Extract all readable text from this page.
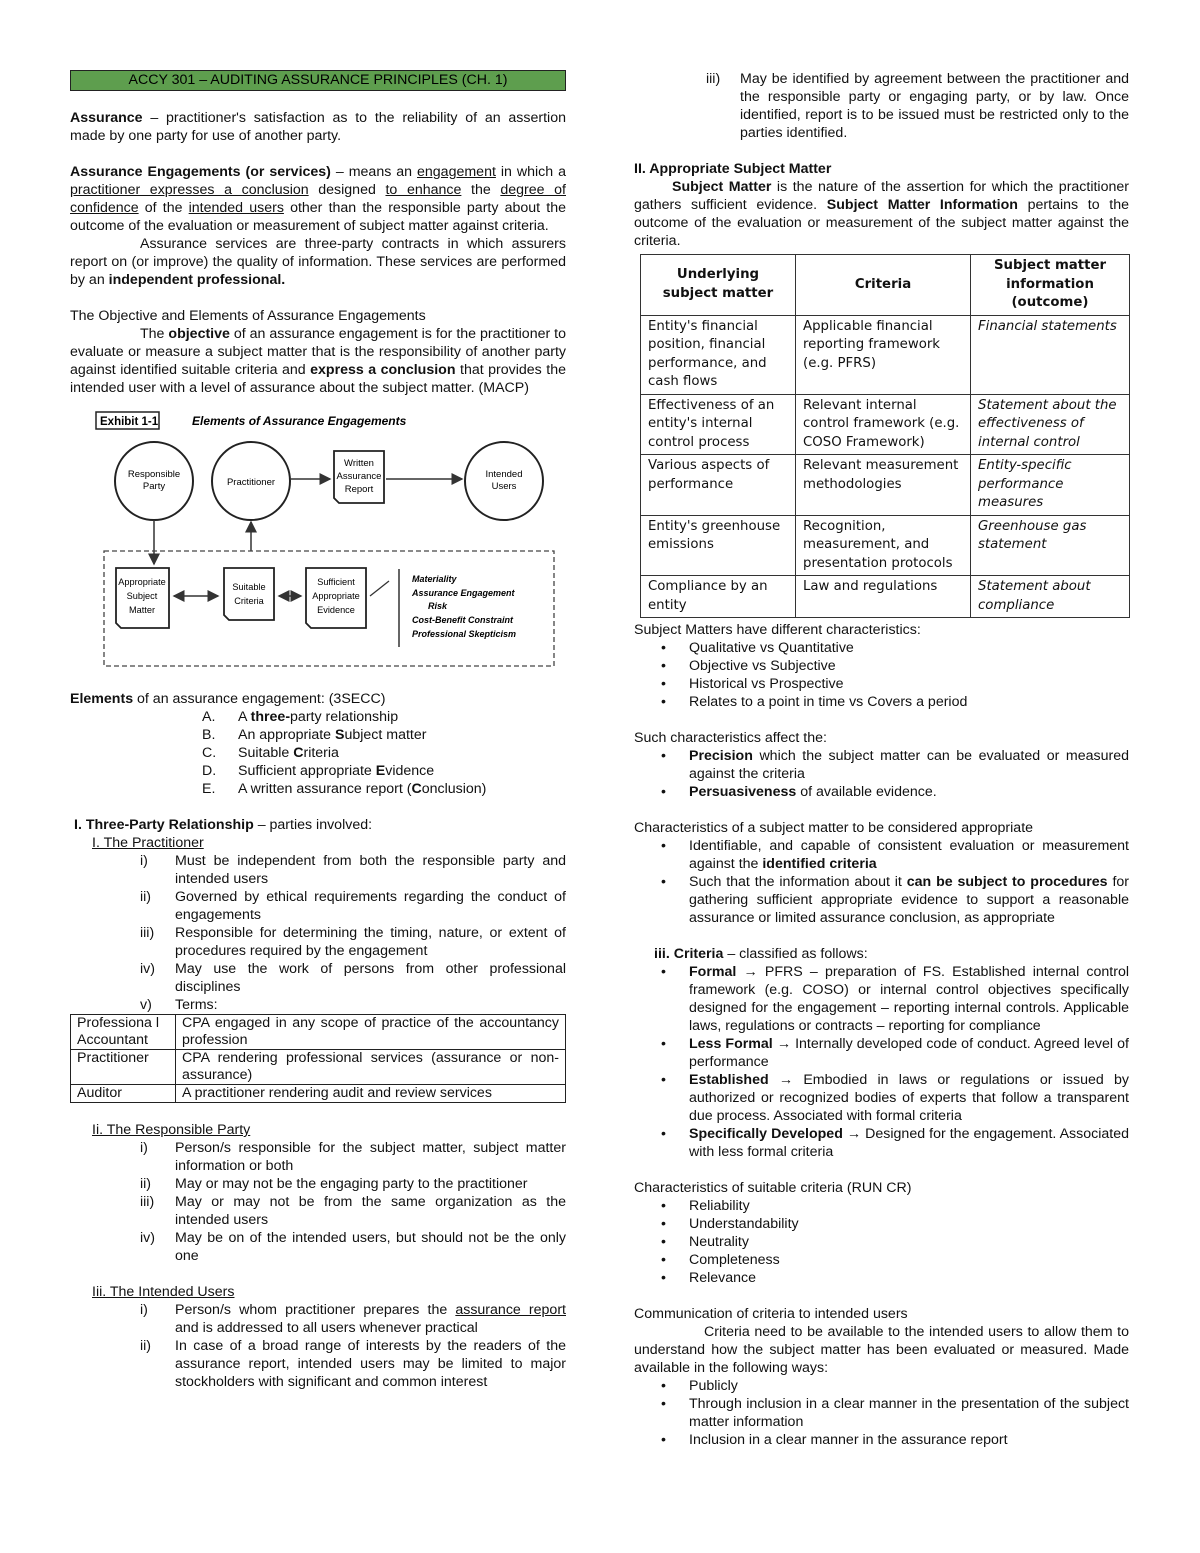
ACCY 301 – AUDITING ASSURANCE PRINCIPLES (CH. 1)

Assurance – practitioner's satisfaction as to the reliability of an assertion made by one party for use of another party.

Assurance Engagements (or services) – means an engagement in which a practitioner expresses a conclusion designed to enhance the degree of confidence of the intended users other than the responsible party about the outcome of the evaluation or measurement of subject matter against criteria.

Assurance services are three-party contracts in which assurers report on (or improve) the quality of information. These services are performed by an independent professional.

The Objective and Elements of Assurance Engagements

The objective of an assurance engagement is for the practitioner to evaluate or measure a subject matter that is the responsibility of another party against identified suitable criteria and express a conclusion that provides the intended user with a level of assurance about the subject matter. (MACP)

Exhibit 1-1	Elements of Assurance Engagements
Responsible
Party	Practitioner
Written
Assurance
Report
Intended
Users
Appropriate
Subject
Matter
Suitable
Criteria
Sufficient
Appropriate
Evidence
Materiality
Assurance Engagement
Risk
Cost-Benefit Constraint
Professional Skepticism

Elements of an assurance engagement: (3SECC)

A. A three-party relationship
B. An appropriate Subject matter
C. Suitable Criteria
D. Sufficient appropriate Evidence
E. A written assurance report (Conclusion)

I. Three-Party Relationship – parties involved:

I. The Practitioner

i) Must be independent from both the responsible party and intended users
ii) Governed by ethical requirements regarding the conduct of engagements
iii) Responsible for determining the timing, nature, or extent of procedures required by the engagement
iv) May use the work of persons from other professional disciplines
v) Terms:
Professiona l Accountant	CPA engaged in any scope of practice of the accountancy profession
Practitioner	CPA rendering professional services (assurance or non-assurance)
Auditor	A practitioner rendering audit and review services

Ii. The Responsible Party

i) Person/s responsible for the subject matter, subject matter information or both
ii) May or may not be the engaging party to the practitioner
iii) May or may not be from the same organization as the intended users
iv) May be on of the intended users, but should not be the only one

Iii. The Intended Users

i) Person/s whom practitioner prepares the assurance report and is addressed to all users whenever practical
ii) In case of a broad range of interests by the readers of the assurance report, intended users may be limited to major stockholders with significant and common interest
iii) May be identified by agreement between the practitioner and the responsible party or engaging party, or by law. Once identified, report is to be issued must be restricted only to the parties identified.

II. Appropriate Subject Matter

Subject Matter is the nature of the assertion for which the practitioner gathers sufficient evidence. Subject Matter Information pertains to the outcome of the evaluation or measurement of the subject matter against the criteria.

Underlying subject matter	Criteria	Subject matter information (outcome)
Entity's financial position, financial performance, and cash flows	Applicable financial reporting framework (e.g. PFRS)	Financial statements
Effectiveness of an entity's internal control process	Relevant internal control framework (e.g. COSO Framework)	Statement about the effectiveness of internal control
Various aspects of performance	Relevant measurement methodologies	Entity-specific performance measures
Entity's greenhouse emissions	Recognition, measurement, and presentation protocols	Greenhouse gas statement
Compliance by an entity	Law and regulations	Statement about compliance

Subject Matters have different characteristics:

• Qualitative vs Quantitative
• Objective vs Subjective
• Historical vs Prospective
• Relates to a point in time vs Covers a period

Such characteristics affect the:

• Precision which the subject matter can be evaluated or measured against the criteria
• Persuasiveness of available evidence.

Characteristics of a subject matter to be considered appropriate

• Identifiable, and capable of consistent evaluation or measurement against the identified criteria
• Such that the information about it can be subject to procedures for gathering sufficient appropriate evidence to support a reasonable assurance or limited assurance conclusion, as appropriate

iii. Criteria – classified as follows:

• Formal → PFRS – preparation of FS. Established internal control framework (e.g. COSO) or internal control objectives specifically designed for the engagement – reporting internal controls. Applicable laws, regulations or contracts – reporting for compliance
• Less Formal → Internally developed code of conduct. Agreed level of performance
• Established → Embodied in laws or regulations or issued by authorized or recognized bodies of experts that follow a transparent due process. Associated with formal criteria
• Specifically Developed → Designed for the engagement. Associated with less formal criteria

Characteristics of suitable criteria (RUN CR)

• Reliability
• Understandability
• Neutrality
• Completeness
• Relevance

Communication of criteria to intended users

Criteria need to be available to the intended users to allow them to understand how the subject matter has been evaluated or measured. Made available in the following ways:

• Publicly
• Through inclusion in a clear manner in the presentation of the subject matter information
• Inclusion in a clear manner in the assurance report
